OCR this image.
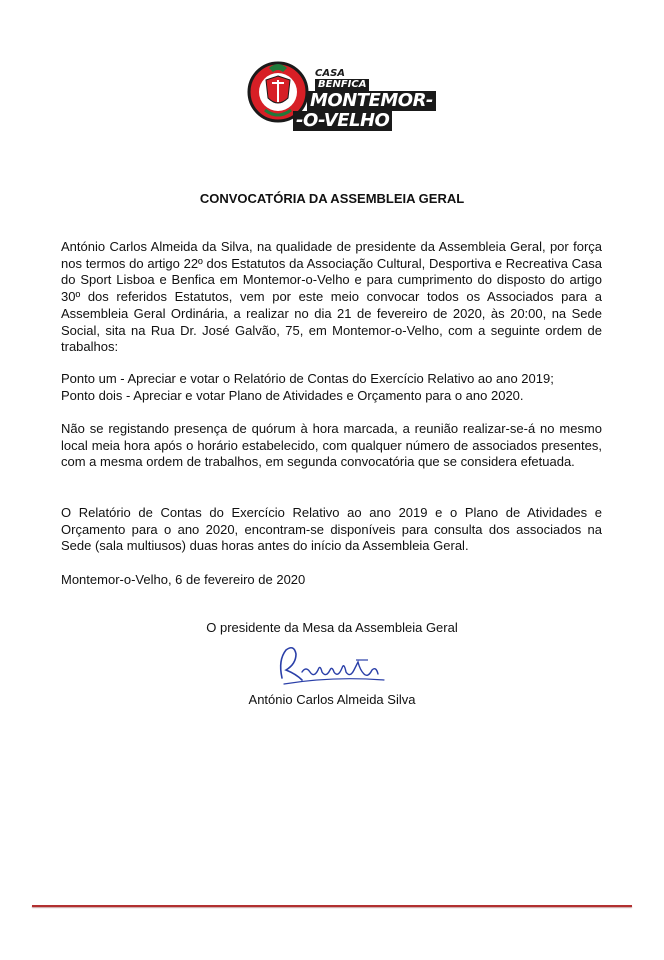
CASA
BENFICA
MONTEMOR-
-O-VELHO
CONVOCATÓRIA DA ASSEMBLEIA GERAL

António Carlos Almeida da Silva, na qualidade de presidente da Assembleia Geral, por força nos termos do artigo 22º dos Estatutos da Associação Cultural, Desportiva e Recreativa Casa do Sport Lisboa e Benfica em Montemor-o-Velho e para cumprimento do disposto do artigo 30º dos referidos Estatutos, vem por este meio convocar todos os Associados para a Assembleia Geral Ordinária, a realizar no dia 21 de fevereiro de 2020, às 20:00, na Sede Social, sita na Rua Dr. José Galvão, 75, em Montemor-o-Velho, com a seguinte ordem de trabalhos:

Ponto um - Apreciar e votar o Relatório de Contas do Exercício Relativo ao ano 2019;
Ponto dois - Apreciar e votar Plano de Atividades e Orçamento para o ano 2020.

Não se registando presença de quórum à hora marcada, a reunião realizar-se-á no mesmo local meia hora após o horário estabelecido, com qualquer número de associados presentes, com a mesma ordem de trabalhos, em segunda convocatória que se considera efetuada.

O Relatório de Contas do Exercício Relativo ao ano 2019 e o Plano de Atividades e Orçamento para o ano 2020, encontram-se disponíveis para consulta dos associados na Sede (sala multiusos) duas horas antes do início da Assembleia Geral.

Montemor-o-Velho, 6 de fevereiro de 2020
O presidente da Mesa da Assembleia Geral
António Carlos Almeida Silva
